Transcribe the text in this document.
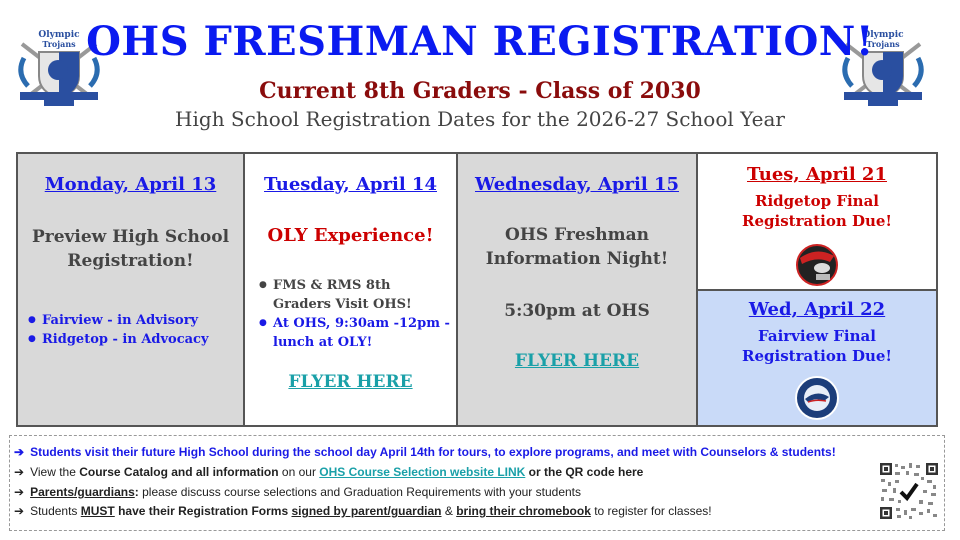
Olympic
Trojans
Olympic
Trojans
OHS FRESHMAN REGISTRATION!
Current 8th Graders - Class of 2030
High School Registration Dates for the 2026-27 School Year
Monday, April 13
Preview High School Registration!
● Fairview - in Advisory
● Ridgetop - in Advocacy
Tuesday, April 14
OLY Experience!
● FMS & RMS 8th Graders Visit OHS!
● At OHS, 9:30am -12pm - lunch at OLY!
FLYER HERE
Wednesday, April 15
OHS Freshman Information Night!
5:30pm at OHS
FLYER HERE
Tues, April 21
Ridgetop Final Registration Due!
Wed, April 22
Fairview Final Registration Due!
➔ Students visit their future High School during the school day April 14th for tours, to explore programs, and meet with Counselors & students!
➔ View the Course Catalog and all information on our OHS Course Selection website LINK or the QR code here
➔ Parents/guardians: please discuss course selections and Graduation Requirements with your students
➔ Students MUST have their Registration Forms signed by parent/guardian & bring their chromebook to register for classes!
